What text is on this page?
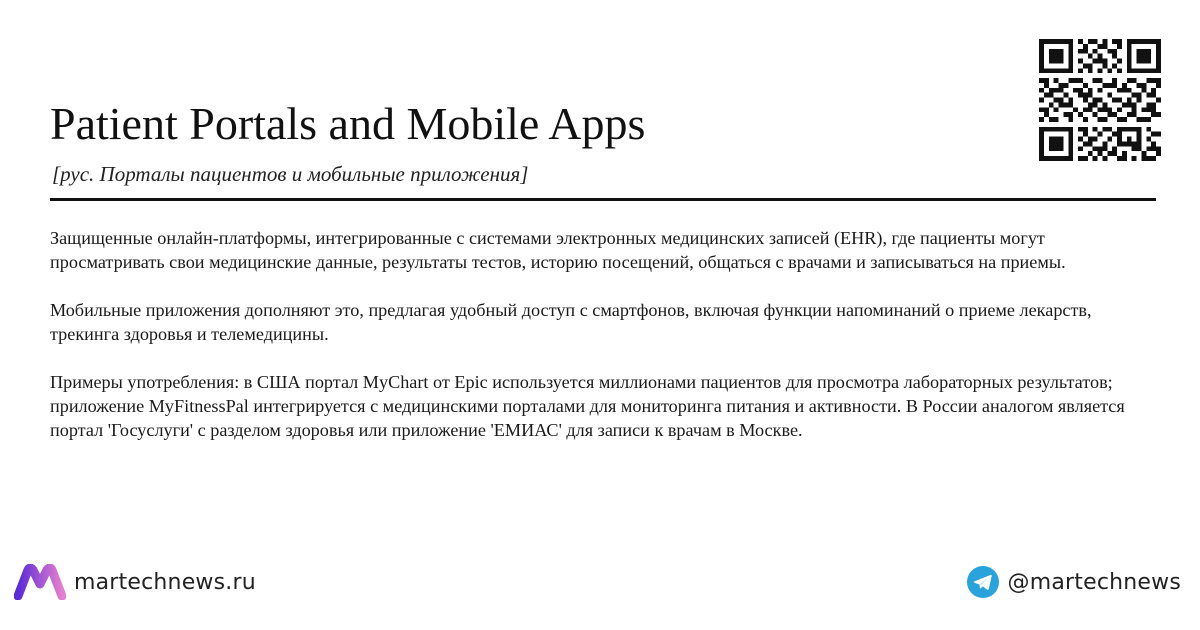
Patient Portals and Mobile Apps
[рус. Порталы пациентов и мобильные приложения]

Защищенные онлайн-платформы, интегрированные с системами электронных медицинских записей (EHR), где пациенты могут просматривать свои медицинские данные, результаты тестов, историю посещений, общаться с врачами и записываться на приемы.

Мобильные приложения дополняют это, предлагая удобный доступ с смартфонов, включая функции напоминаний о приеме лекарств, трекинга здоровья и телемедицины.

Примеры употребления: в США портал MyChart от Epic используется миллионами пациентов для просмотра лабораторных результатов; приложение MyFitnessPal интегрируется с медицинскими порталами для мониторинга питания и активности. В России аналогом является портал 'Госуслуги' с разделом здоровья или приложение 'ЕМИАС' для записи к врачам в Москве.

martechnews.ru	@martechnews
